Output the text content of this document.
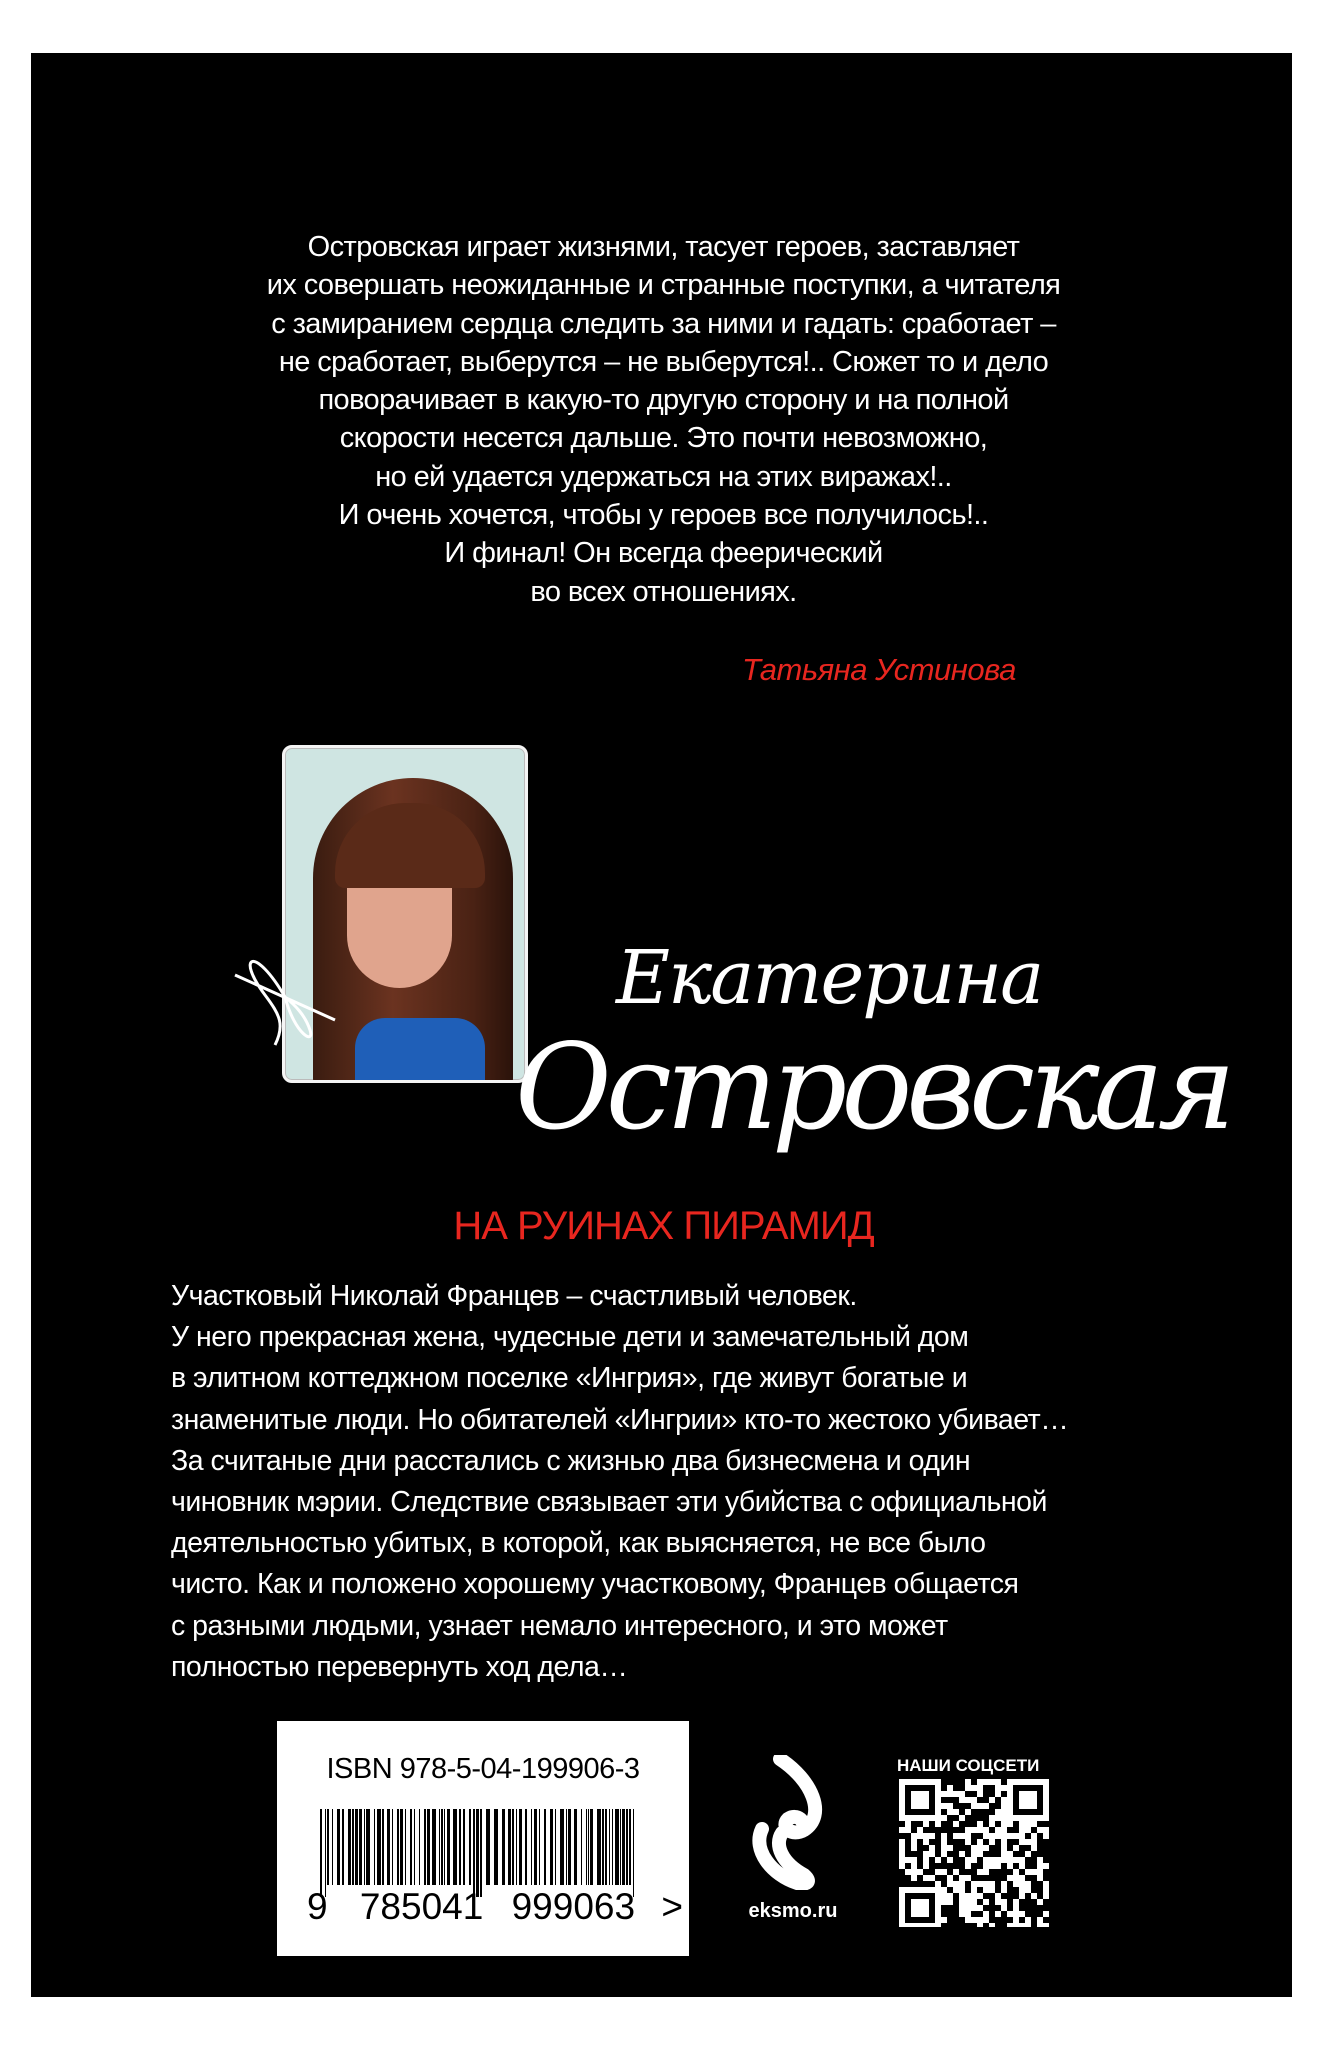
Островская играет жизнями, тасует героев, заставляет
их совершать неожиданные и странные поступки, а читателя
с замиранием сердца следить за ними и гадать: сработает –
не сработает, выберутся – не выберутся!.. Сюжет то и дело
поворачивает в какую-то другую сторону и на полной
скорости несется дальше. Это почти невозможно,
но ей удается удержаться на этих виражах!..
И очень хочется, чтобы у героев все получилось!..
И финал! Он всегда феерический
во всех отношениях.
Татьяна Устинова
Екатерина
Островская
НА РУИНАХ ПИРАМИД
Участковый Николай Францев – счастливый человек.
У него прекрасная жена, чудесные дети и замечательный дом
в элитном коттеджном поселке «Ингрия», где живут богатые и
знаменитые люди. Но обитателей «Ингрии» кто-то жестоко убивает…
За считаные дни расстались с жизнью два бизнесмена и один
чиновник мэрии. Следствие связывает эти убийства с официальной
деятельностью убитых, в которой, как выясняется, не все было
чисто. Как и положено хорошему участковому, Францев общается
с разными людьми, узнает немало интересного, и это может
полностью перевернуть ход дела…
ISBN 978-5-04-199906-3
9 785041 999063 >	eksmo.ru
НАШИ СОЦСЕТИ
